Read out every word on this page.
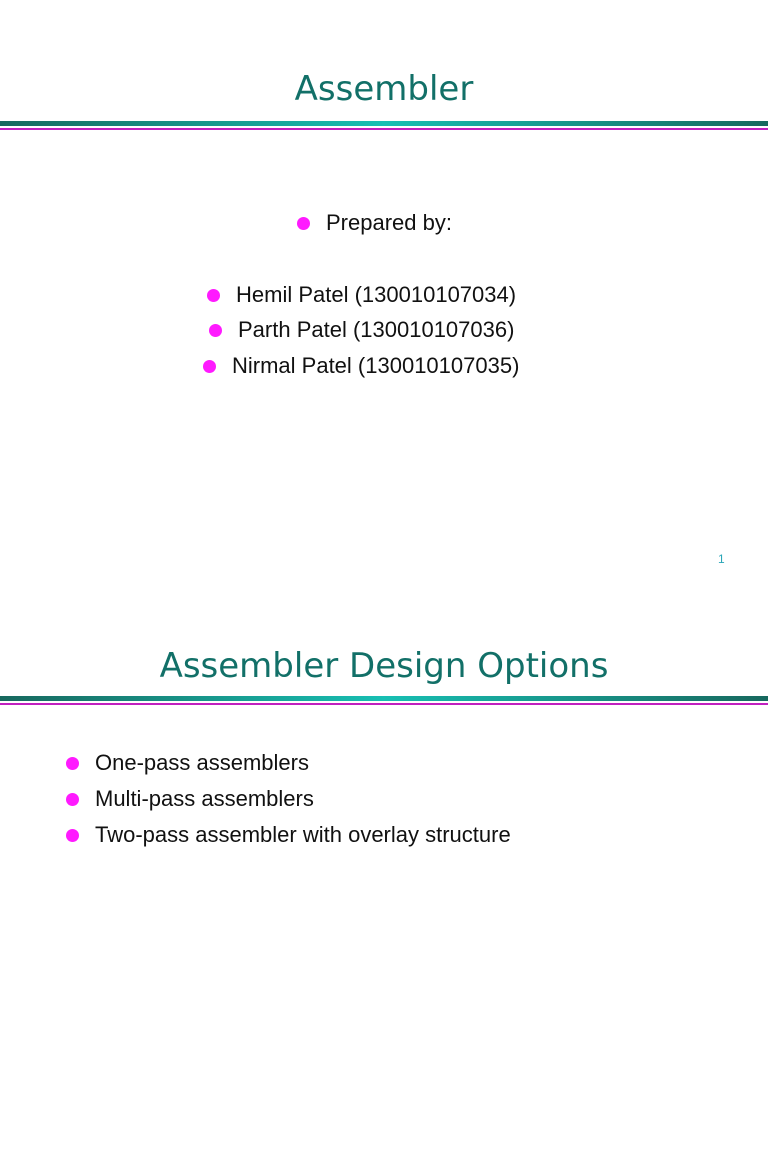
Assembler
Prepared by:
Hemil Patel (130010107034)
Parth Patel (130010107036)
Nirmal Patel (130010107035)
1
Assembler Design Options
One-pass assemblers
Multi-pass assemblers
Two-pass assembler with overlay structure
